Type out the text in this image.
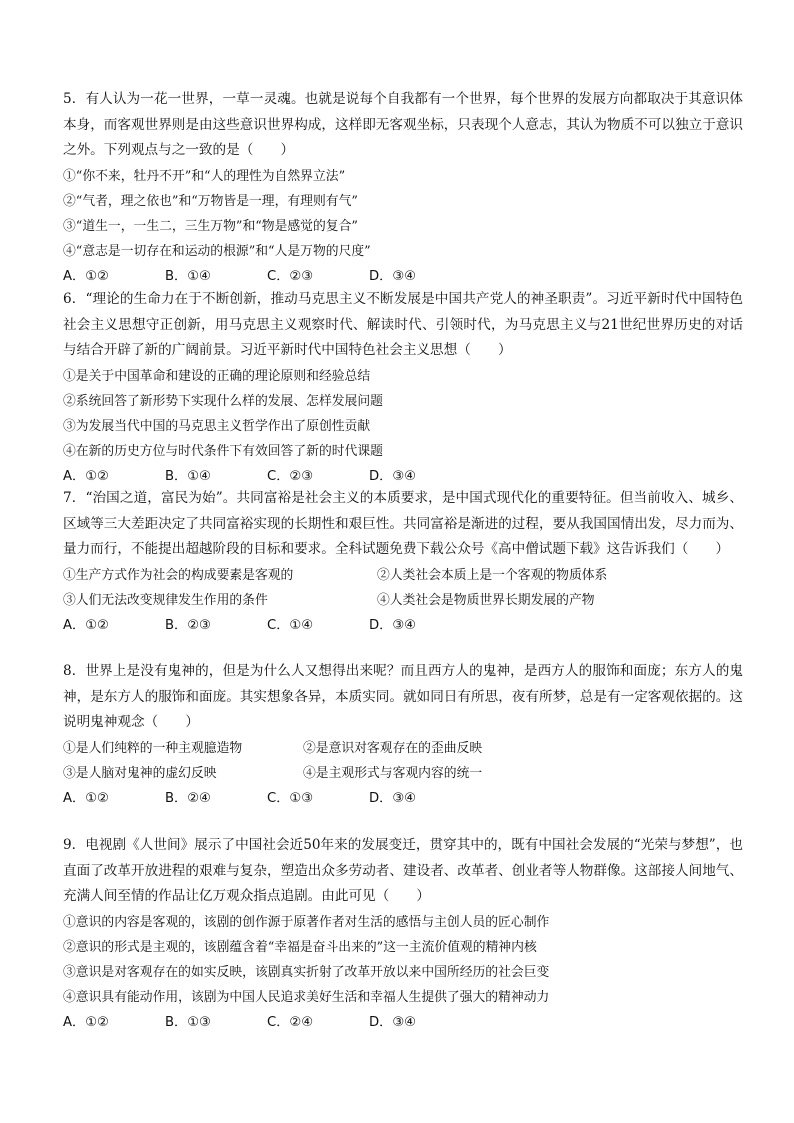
5．有人认为一花一世界，一草一灵魂。也就是说每个自我都有一个世界，每个世界的发展方向都取决于其意识体本身，而客观世界则是由这些意识世界构成，这样即无客观坐标，只表现个人意志，其认为物质不可以独立于意识之外。下列观点与之一致的是（　　）
①“你不来，牡丹不开”和“人的理性为自然界立法”
②“气者，理之依也”和“万物皆是一理，有理则有气”
③“道生一，一生二，三生万物”和“物是感觉的复合”
④“意志是一切存在和运动的根源”和“人是万物的尺度”
A．①②	B．①④	C．②③	D．③④
6．“理论的生命力在于不断创新，推动马克思主义不断发展是中国共产党人的神圣职责”。习近平新时代中国特色社会主义思想守正创新，用马克思主义观察时代、解读时代、引领时代，为马克思主义与21世纪世界历史的对话与结合开辟了新的广阔前景。习近平新时代中国特色社会主义思想（　　）
①是关于中国革命和建设的正确的理论原则和经验总结
②系统回答了新形势下实现什么样的发展、怎样发展问题
③为发展当代中国的马克思主义哲学作出了原创性贡献
④在新的历史方位与时代条件下有效回答了新的时代课题
A．①②	B．①④	C．②③	D．③④
7．“治国之道，富民为始”。共同富裕是社会主义的本质要求，是中国式现代化的重要特征。但当前收入、城乡、区域等三大差距决定了共同富裕实现的长期性和艰巨性。共同富裕是渐进的过程，要从我国国情出发，尽力而为、量力而行，不能提出超越阶段的目标和要求。全科试题免费下载公众号《高中僧试题下载》这告诉我们（　　）
①生产方式作为社会的构成要素是客观的	②人类社会本质上是一个客观的物质体系
③人们无法改变规律发生作用的条件	④人类社会是物质世界长期发展的产物
A．①②	B．②③	C．①④	D．③④
8．世界上是没有鬼神的，但是为什么人又想得出来呢？而且西方人的鬼神，是西方人的服饰和面庞；东方人的鬼神，是东方人的服饰和面庞。其实想象各异，本质实同。就如同日有所思，夜有所梦，总是有一定客观依据的。这说明鬼神观念（　　）
①是人们纯粹的一种主观臆造物	②是意识对客观存在的歪曲反映
③是人脑对鬼神的虚幻反映	④是主观形式与客观内容的统一
A．①②	B．②④	C．①③	D．③④
9．电视剧《人世间》展示了中国社会近50年来的发展变迁，贯穿其中的，既有中国社会发展的“光荣与梦想”，也直面了改革开放进程的艰难与复杂，塑造出众多劳动者、建设者、改革者、创业者等人物群像。这部接人间地气、充满人间至情的作品让亿万观众指点追剧。由此可见（　　）
①意识的内容是客观的，该剧的创作源于原著作者对生活的感悟与主创人员的匠心制作
②意识的形式是主观的，该剧蕴含着“幸福是奋斗出来的”这一主流价值观的精神内核
③意识是对客观存在的如实反映，该剧真实折射了改革开放以来中国所经历的社会巨变
④意识具有能动作用，该剧为中国人民追求美好生活和幸福人生提供了强大的精神动力
A．①②	B．①③	C．②④	D．③④
